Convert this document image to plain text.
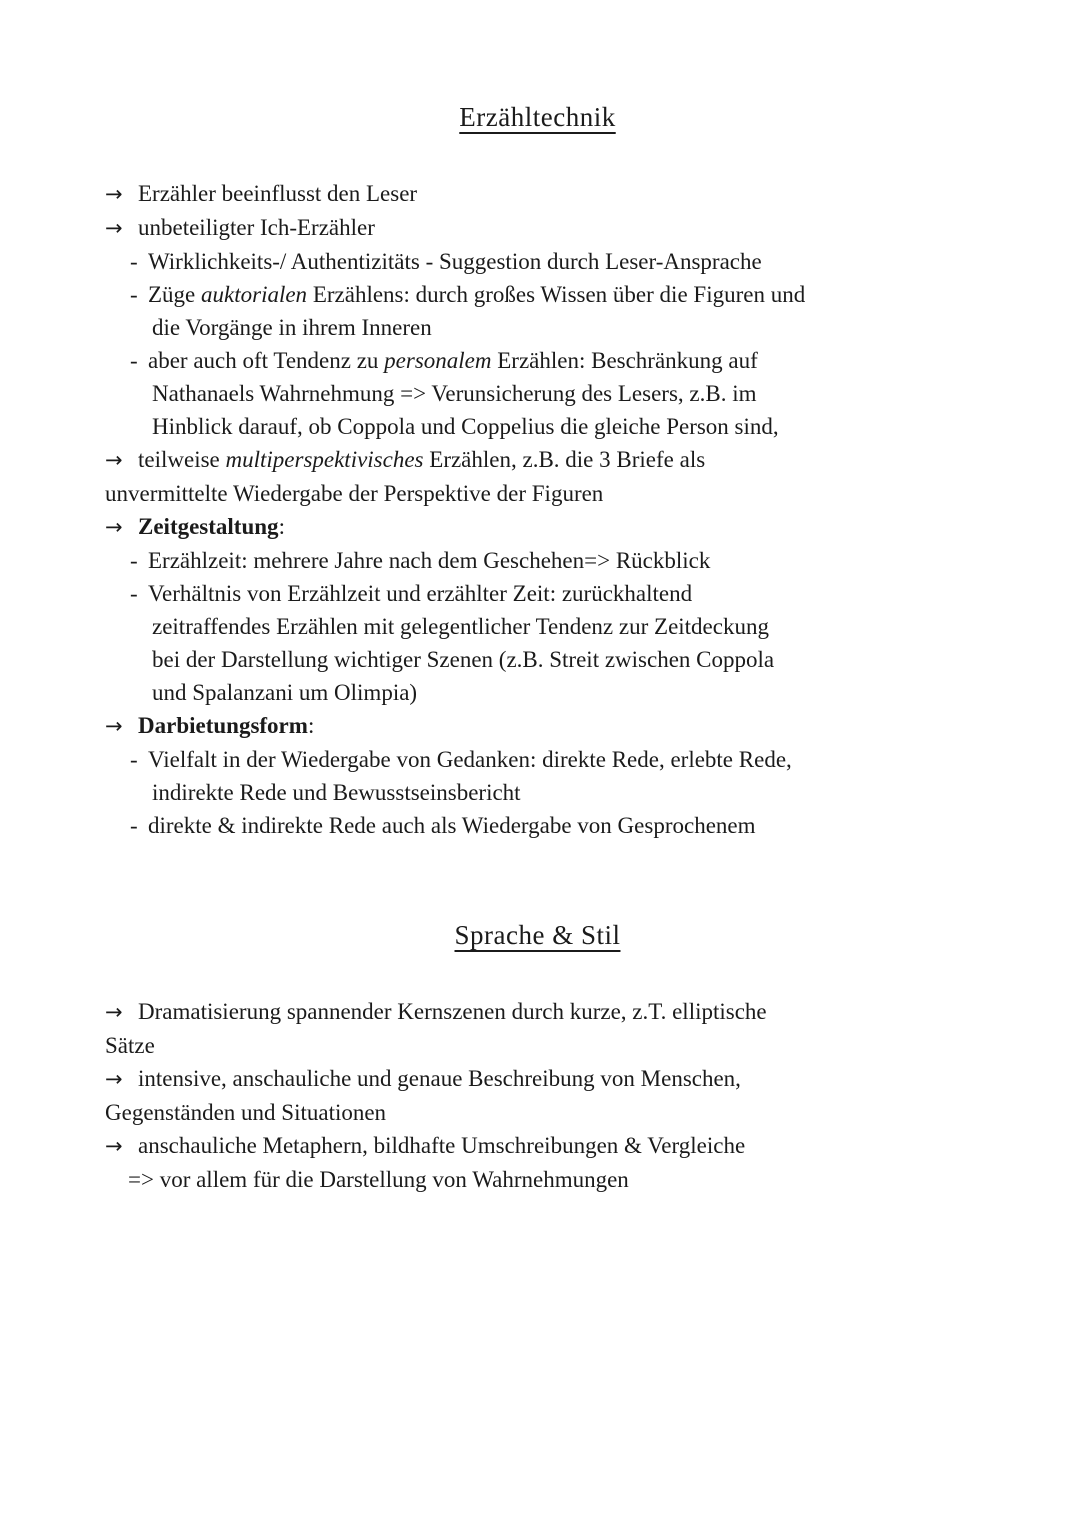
Erzähltechnik
→ Erzähler beeinflusst den Leser
→ unbeteiligter Ich-Erzähler
- Wirklichkeits-/ Authentizitäts - Suggestion durch Leser-Ansprache
- Züge auktorialen Erzählens: durch großes Wissen über die Figuren und
die Vorgänge in ihrem Inneren
- aber auch oft Tendenz zu personalem Erzählen: Beschränkung auf
Nathanaels Wahrnehmung => Verunsicherung des Lesers, z.B. im
Hinblick darauf, ob Coppola und Coppelius die gleiche Person sind,
→ teilweise multiperspektivisches Erzählen, z.B. die 3 Briefe als
unvermittelte Wiedergabe der Perspektive der Figuren
→ Zeitgestaltung:
- Erzählzeit: mehrere Jahre nach dem Geschehen=> Rückblick
- Verhältnis von Erzählzeit und erzählter Zeit: zurückhaltend
zeitraffendes Erzählen mit gelegentlicher Tendenz zur Zeitdeckung
bei der Darstellung wichtiger Szenen (z.B. Streit zwischen Coppola
und Spalanzani um Olimpia)
→ Darbietungsform:
- Vielfalt in der Wiedergabe von Gedanken: direkte Rede, erlebte Rede,
indirekte Rede und Bewusstseinsbericht
- direkte & indirekte Rede auch als Wiedergabe von Gesprochenem
Sprache & Stil
→ Dramatisierung spannender Kernszenen durch kurze, z.T. elliptische
Sätze
→ intensive, anschauliche und genaue Beschreibung von Menschen,
Gegenständen und Situationen
→ anschauliche Metaphern, bildhafte Umschreibungen & Vergleiche
=> vor allem für die Darstellung von Wahrnehmungen
